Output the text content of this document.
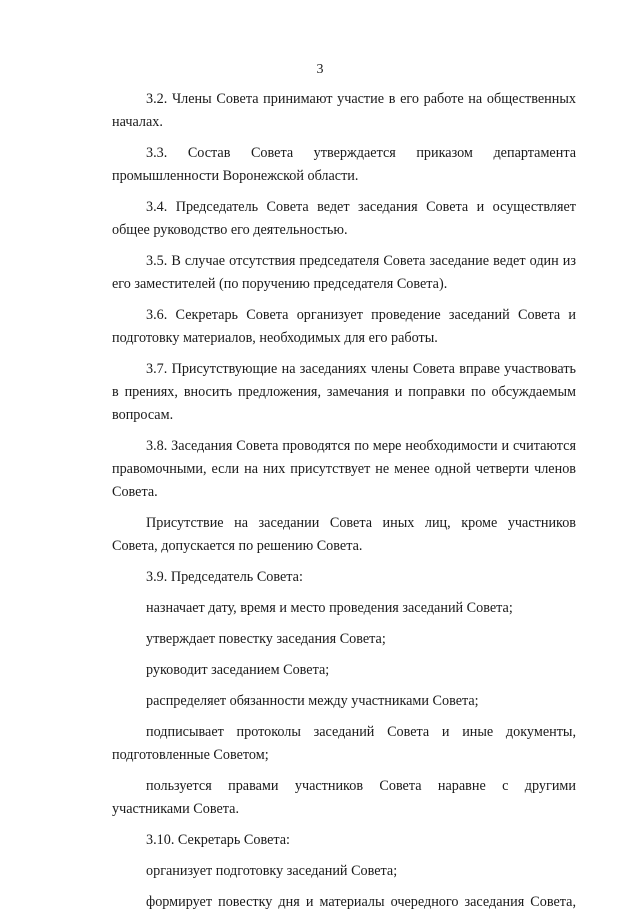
3

3.2. Члены Совета принимают участие в его работе на общественных началах.

3.3. Состав Совета утверждается приказом департамента промышленности Воронежской области.

3.4. Председатель Совета ведет заседания Совета и осуществляет общее руководство его деятельностью.

3.5. В случае отсутствия председателя Совета заседание ведет один из его заместителей (по поручению председателя Совета).

3.6. Секретарь Совета организует проведение заседаний Совета и подготовку материалов, необходимых для его работы.

3.7. Присутствующие на заседаниях члены Совета вправе участвовать в прениях, вносить предложения, замечания и поправки по обсуждаемым вопросам.

3.8. Заседания Совета проводятся по мере необходимости и считаются правомочными, если на них присутствует не менее одной четверти членов Совета.

Присутствие на заседании Совета иных лиц, кроме участников Совета, допускается по решению Совета.

3.9. Председатель Совета:

назначает дату, время и место проведения заседаний Совета;

утверждает повестку заседания Совета;

руководит заседанием Совета;

распределяет обязанности между участниками Совета;

подписывает протоколы заседаний Совета и иные документы, подготовленные Советом;

пользуется правами участников Совета наравне с другими участниками Совета.

3.10. Секретарь Совета:

организует подготовку заседаний Совета;

формирует повестку дня и материалы очередного заседания Совета,
